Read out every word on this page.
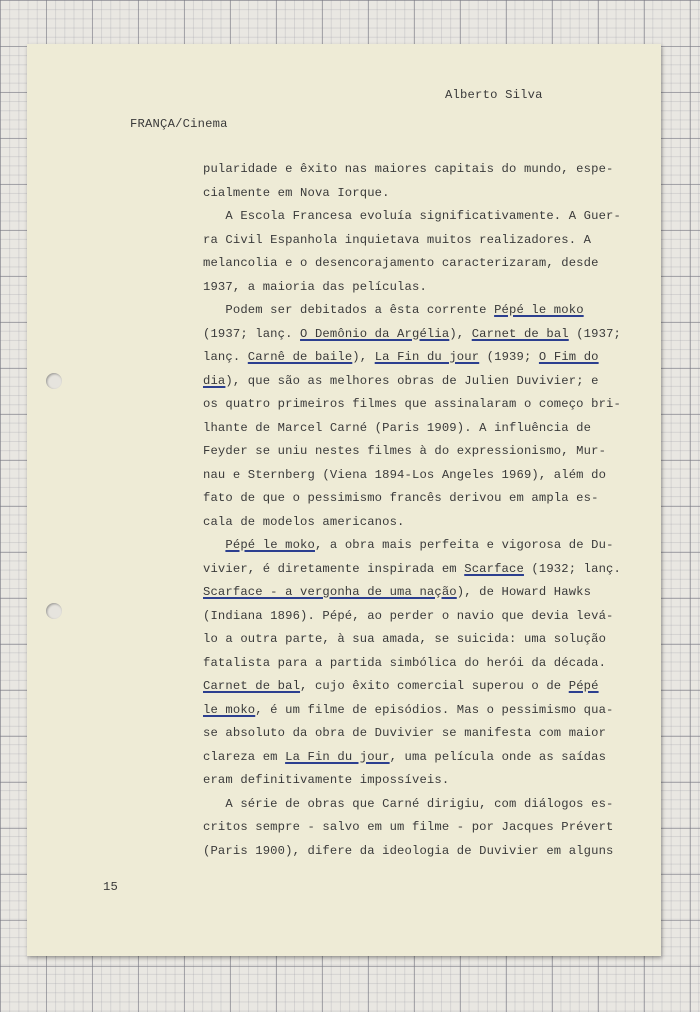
Alberto Silva
FRANÇA/Cinema
pularidade e êxito nas maiores capitais do mundo, espe-
cialmente em Nova Iorque.
A Escola Francesa evoluía significativamente. A Guer-
ra Civil Espanhola inquietava muitos realizadores. A
melancolia e o desencorajamento caracterizaram, desde
1937, a maioria das películas.
Podem ser debitados a êsta corrente Pépé le moko
(1937; lanç. O Demônio da Argélia), Carnet de bal (1937;
lanç. Carnê de baile), La Fin du jour (1939; O Fim do
dia), que são as melhores obras de Julien Duvivier; e
os quatro primeiros filmes que assinalaram o começo bri-
lhante de Marcel Carné (Paris 1909). A influência de
Feyder se uniu nestes filmes à do expressionismo, Mur-
nau e Sternberg (Viena 1894-Los Angeles 1969), além do
fato de que o pessimismo francês derivou em ampla es-
cala de modelos americanos.
Pépé le moko, a obra mais perfeita e vigorosa de Du-
vivier, é diretamente inspirada em Scarface (1932; lanç.
Scarface - a vergonha de uma nação), de Howard Hawks
(Indiana 1896). Pépé, ao perder o navio que devia levá-
lo a outra parte, à sua amada, se suicida: uma solução
fatalista para a partida simbólica do herói da década.
Carnet de bal, cujo êxito comercial superou o de Pépé
le moko, é um filme de episódios. Mas o pessimismo qua-
se absoluto da obra de Duvivier se manifesta com maior
clareza em La Fin du jour, uma película onde as saídas
eram definitivamente impossíveis.
A série de obras que Carné dirigiu, com diálogos es-
critos sempre - salvo em um filme - por Jacques Prévert
(Paris 1900), difere da ideologia de Duvivier em alguns
15
